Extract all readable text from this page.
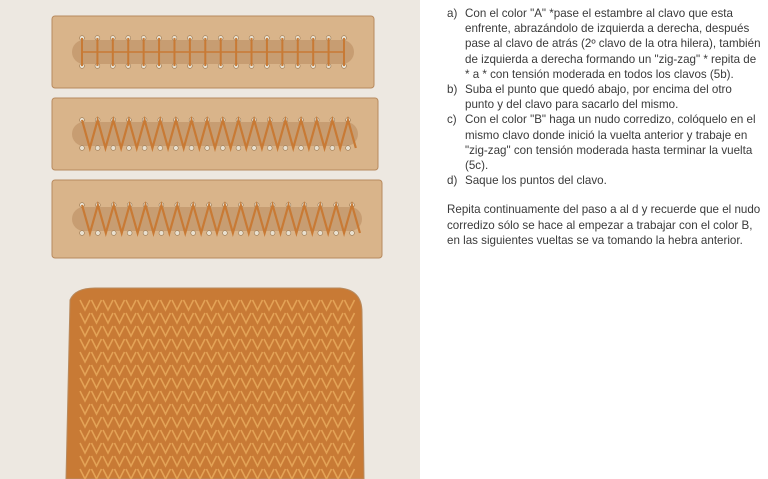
a) Con el color "A" *pase el estambre al clavo que esta enfrente, abrazándolo de izquierda a derecha, después pase al clavo de atrás (2º clavo de la otra hilera), también de izquierda a derecha formando un "zig-zag" * repita de * a * con tensión moderada en todos los clavos (5b).

b) Suba el punto que quedó abajo, por encima del otro punto y del clavo para sacarlo del mismo.

c) Con el color "B" haga un nudo corredizo, colóquelo en el mismo clavo donde inició la vuelta anterior y trabaje en "zig-zag" con tensión moderada hasta terminar la vuelta (5c).

d) Saque los puntos del clavo.

Repita continuamente del paso a al d y recuerde que el nudo corredizo sólo se hace al empezar a trabajar con el color B, en las siguientes vueltas se va tomando la hebra anterior.
